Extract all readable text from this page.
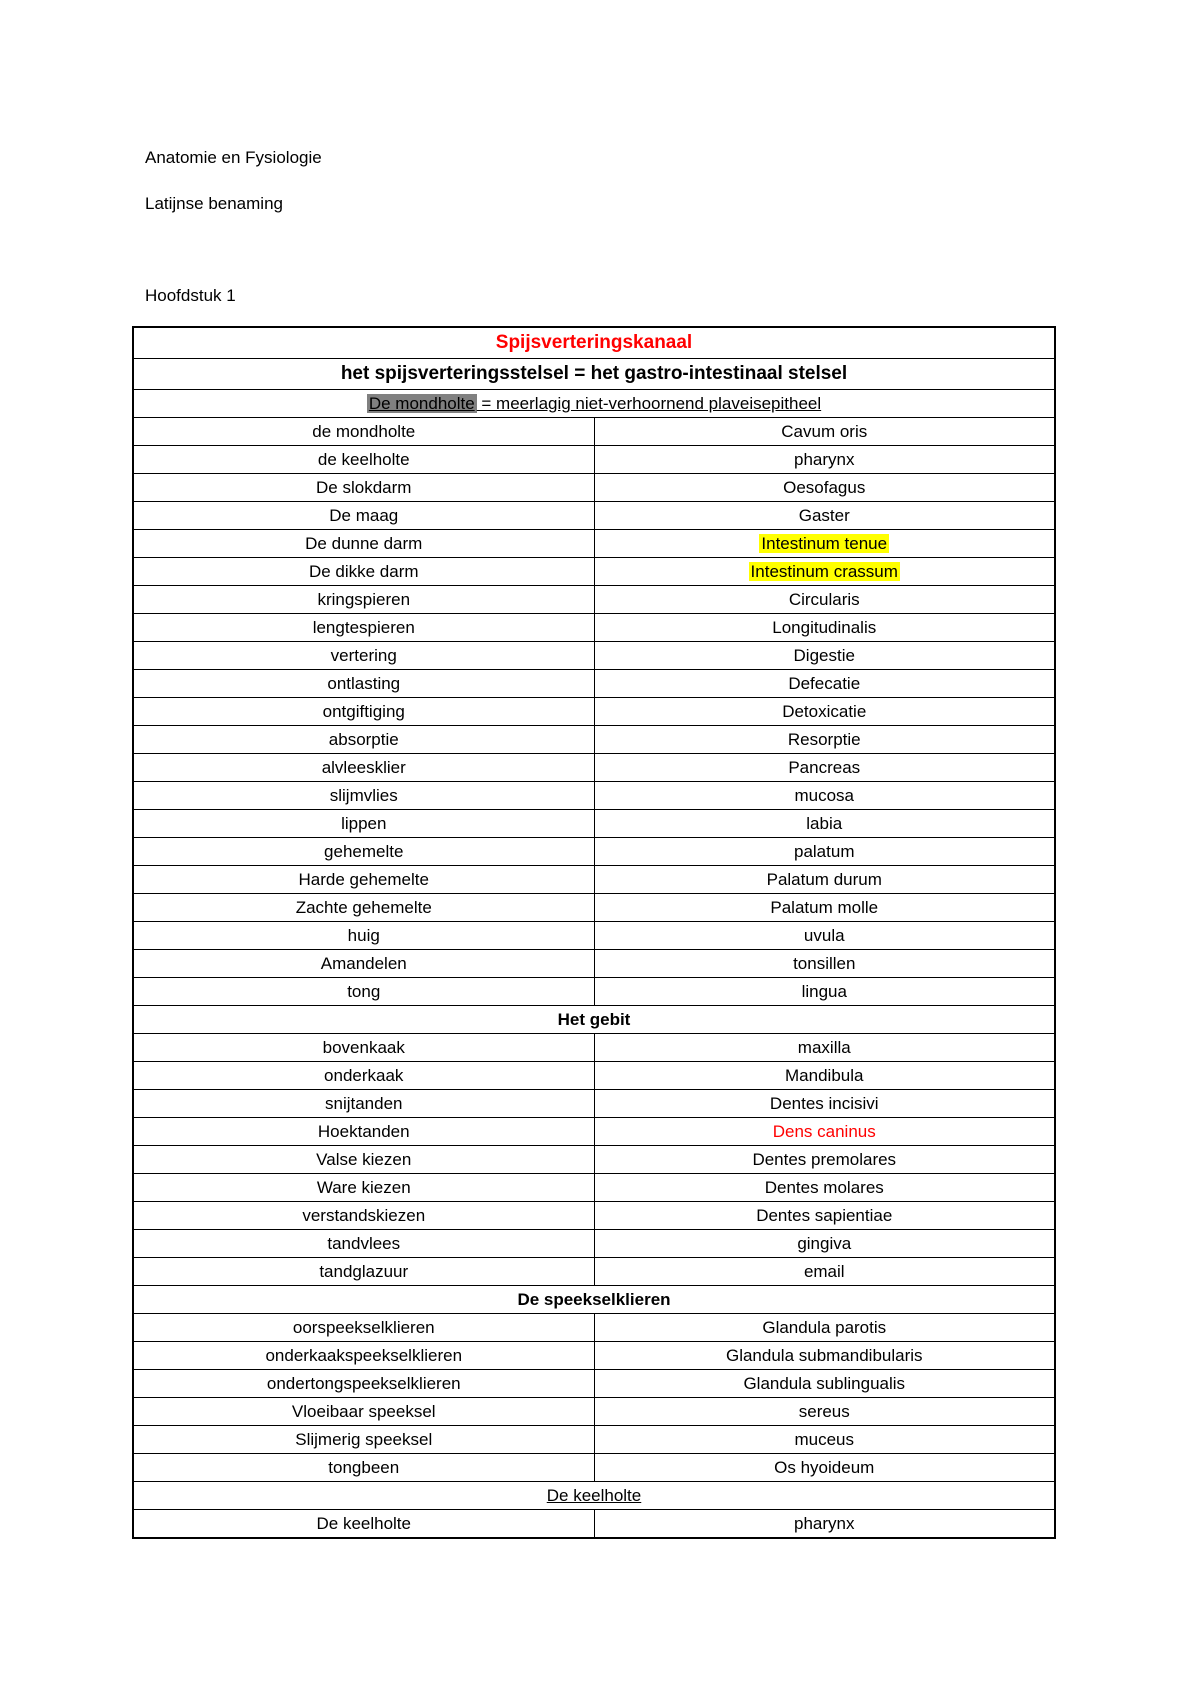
Anatomie en Fysiologie
Latijnse benaming
Hoofdstuk 1
Spijsverteringskanaal	
het spijsverteringsstelsel = het gastro-intestinaal stelsel	
De mondholte = meerlagig niet-verhoornend plaveisepitheel	
de mondholte	Cavum oris
de keelholte	pharynx
De slokdarm	Oesofagus
De maag	Gaster
De dunne darm	Intestinum tenue
De dikke darm	Intestinum crassum
kringspieren	Circularis
lengtespieren	Longitudinalis
vertering	Digestie
ontlasting	Defecatie
ontgiftiging	Detoxicatie
absorptie	Resorptie
alvleesklier	Pancreas
slijmvlies	mucosa
lippen	labia
gehemelte	palatum
Harde gehemelte	Palatum durum
Zachte gehemelte	Palatum molle
huig	uvula
Amandelen	tonsillen
tong	lingua
Het gebit	
bovenkaak	maxilla
onderkaak	Mandibula
snijtanden	Dentes incisivi
Hoektanden	Dens caninus
Valse kiezen	Dentes premolares
Ware kiezen	Dentes molares
verstandskiezen	Dentes sapientiae
tandvlees	gingiva
tandglazuur	email
De speekselklieren	
oorspeekselklieren	Glandula parotis
onderkaakspeekselklieren	Glandula submandibularis
ondertongspeekselklieren	Glandula sublingualis
Vloeibaar speeksel	sereus
Slijmerig speeksel	muceus
tongbeen	Os hyoideum
De keelholte	
De keelholte	pharynx
